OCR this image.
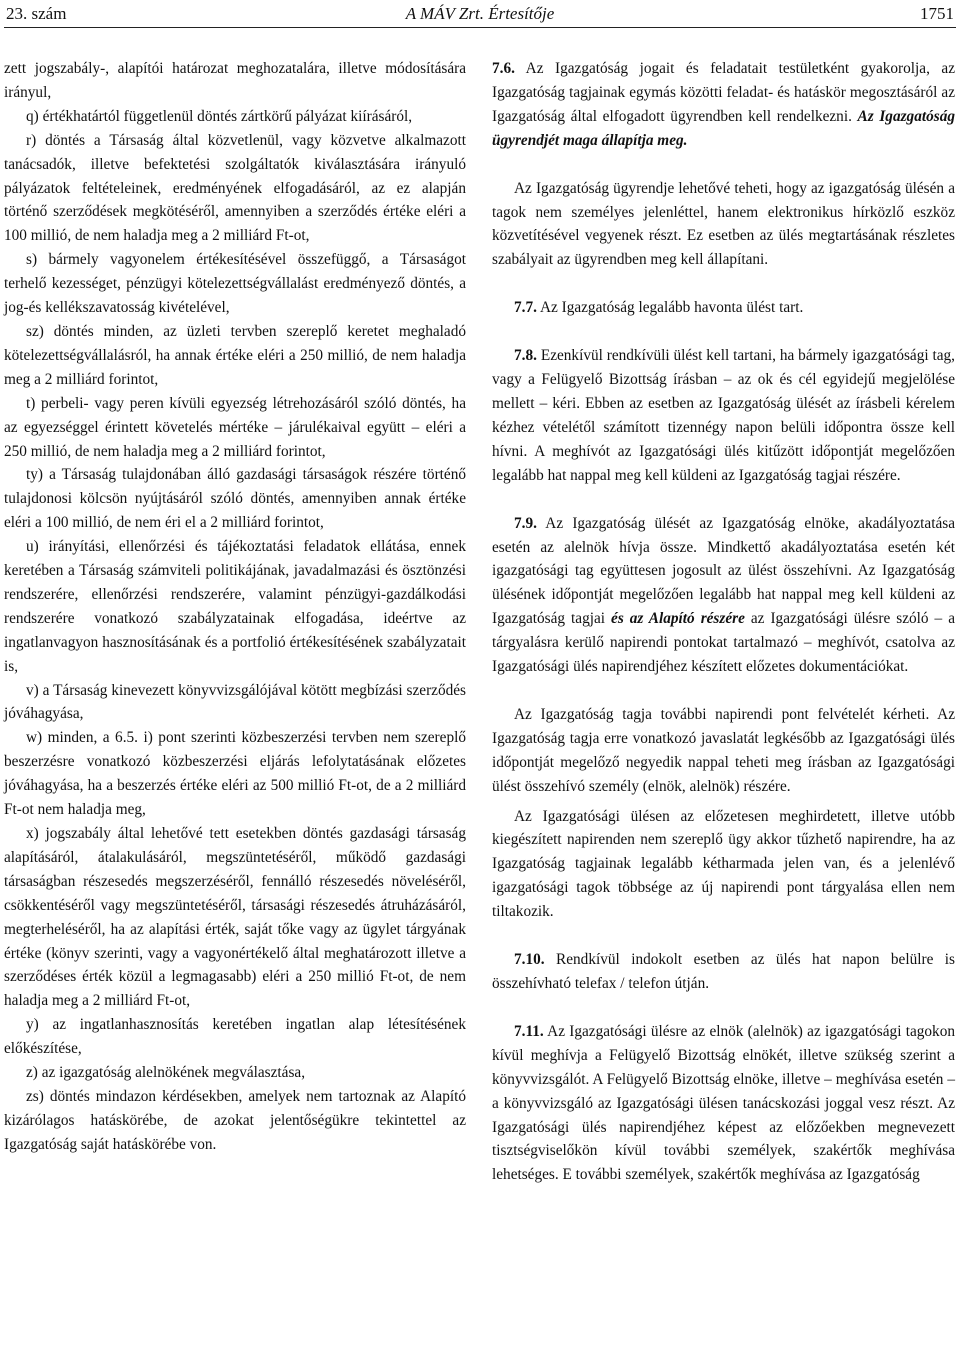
23. szám	A MÁV Zrt. Értesítője	1751

zett jogszabály-, alapítói határozat meghozatalára, illetve módosítására irányul,

q) értékhatártól függetlenül döntés zártkörű pályázat kiírásáról,

r) döntés a Társaság által közvetlenül, vagy közvetve alkalmazott tanácsadók, illetve befektetési szolgáltatók kiválasztására irányuló pályázatok feltételeinek, eredményének elfogadásáról, az ez alapján történő szerződések megkötéséről, amennyiben a szerződés értéke eléri a 100 millió, de nem haladja meg a 2 milliárd Ft-ot,

s) bármely vagyonelem értékesítésével összefüggő, a Társaságot terhelő kezességet, pénzügyi kötelezettségvállalást eredményező döntés, a jog-és kellékszavatosság kivételével,

sz) döntés minden, az üzleti tervben szereplő keretet meghaladó kötelezettségvállalásról, ha annak értéke eléri a 250 millió, de nem haladja meg a 2 milliárd forintot,

t) perbeli- vagy peren kívüli egyezség létrehozásáról szóló döntés, ha az egyezséggel érintett követelés mértéke – járulékaival együtt – eléri a 250 millió, de nem haladja meg a 2 milliárd forintot,

ty) a Társaság tulajdonában álló gazdasági társaságok részére történő tulajdonosi kölcsön nyújtásáról szóló döntés, amennyiben annak értéke eléri a 100 millió, de nem éri el a 2 milliárd forintot,

u) irányítási, ellenőrzési és tájékoztatási feladatok ellátása, ennek keretében a Társaság számviteli politikájának, javadalmazási és ösztönzési rendszerére, ellenőrzési rendszerére, valamint pénzügyi-gazdálkodási rendszerére vonatkozó szabályzatainak elfogadása, ideértve az ingatlanvagyon hasznosításának és a portfolió értékesítésének szabályzatait is,

v) a Társaság kinevezett könyvvizsgálójával kötött megbízási szerződés jóváhagyása,

w) minden, a 6.5. i) pont szerinti közbeszerzési tervben nem szereplő beszerzésre vonatkozó közbeszerzési eljárás lefolytatásának előzetes jóváhagyása, ha a beszerzés értéke eléri az 500 millió Ft-ot, de a 2 milliárd Ft-ot nem haladja meg,

x) jogszabály által lehetővé tett esetekben döntés gazdasági társaság alapításáról, átalakulásáról, megszüntetéséről, működő gazdasági társaságban részesedés megszerzéséről, fennálló részesedés növeléséről, csökkentéséről vagy megszüntetéséről, társasági részesedés átruházásáról, megterheléséről, ha az alapítási érték, saját tőke vagy az ügylet tárgyának értéke (könyv szerinti, vagy a vagyonértékelő által meghatározott illetve a szerződéses érték közül a legmagasabb) eléri a 250 millió Ft-ot, de nem haladja meg a 2 milliárd Ft-ot,

y) az ingatlanhasznosítás keretében ingatlan alap létesítésének előkészítése,

z) az igazgatóság alelnökének megválasztása,

zs) döntés mindazon kérdésekben, amelyek nem tartoznak az Alapító kizárólagos hatáskörébe, de azokat jelentőségükre tekintettel az Igazgatóság saját hatáskörébe von.

7.6. Az Igazgatóság jogait és feladatait testületként gyakorolja, az Igazgatóság tagjainak egymás közötti feladat- és hatáskör megosztásáról az Igazgatóság által elfogadott ügyrendben kell rendelkezni. Az Igazgatóság ügyrendjét maga állapítja meg.

Az Igazgatóság ügyrendje lehetővé teheti, hogy az igazgatóság ülésén a tagok nem személyes jelenléttel, hanem elektronikus hírközlő eszköz közvetítésével vegyenek részt. Ez esetben az ülés megtartásának részletes szabályait az ügyrendben meg kell állapítani.

7.7. Az Igazgatóság legalább havonta ülést tart.

7.8. Ezenkívül rendkívüli ülést kell tartani, ha bármely igazgatósági tag, vagy a Felügyelő Bizottság írásban – az ok és cél egyidejű megjelölése mellett – kéri. Ebben az esetben az Igazgatóság ülését az írásbeli kérelem kézhez vételétől számított tizennégy napon belüli időpontra össze kell hívni. A meghívót az Igazgatósági ülés kitűzött időpontját megelőzően legalább hat nappal meg kell küldeni az Igazgatóság tagjai részére.

7.9. Az Igazgatóság ülését az Igazgatóság elnöke, akadályoztatása esetén az alelnök hívja össze. Mindkettő akadályoztatása esetén két igazgatósági tag együttesen jogosult az ülést összehívni. Az Igazgatóság ülésének időpontját megelőzően legalább hat nappal meg kell küldeni az Igazgatóság tagjai és az Alapító részére az Igazgatósági ülésre szóló – a tárgyalásra kerülő napirendi pontokat tartalmazó – meghívót, csatolva az Igazgatósági ülés napirendjéhez készített előzetes dokumentációkat.

Az Igazgatóság tagja további napirendi pont felvételét kérheti. Az Igazgatóság tagja erre vonatkozó javaslatát legkésőbb az Igazgatósági ülés időpontját megelőző negyedik nappal teheti meg írásban az Igazgatósági ülést összehívó személy (elnök, alelnök) részére.

Az Igazgatósági ülésen az előzetesen meghirdetett, illetve utóbb kiegészített napirenden nem szereplő ügy akkor tűzhető napirendre, ha az Igazgatóság tagjainak legalább kétharmada jelen van, és a jelenlévő igazgatósági tagok többsége az új napirendi pont tárgyalása ellen nem tiltakozik.

7.10. Rendkívül indokolt esetben az ülés hat napon belülre is összehívható telefax / telefon útján.

7.11. Az Igazgatósági ülésre az elnök (alelnök) az igazgatósági tagokon kívül meghívja a Felügyelő Bizottság elnökét, illetve szükség szerint a könyvvizsgálót. A Felügyelő Bizottság elnöke, illetve – meghívása esetén – a könyvvizsgáló az Igazgatósági ülésen tanácskozási joggal vesz részt. Az Igazgatósági ülés napirendjéhez képest az előzőekben megnevezett tisztségviselőkön kívül további személyek, szakértők meghívása lehetséges. E további személyek, szakértők meghívása az Igazgatóság
